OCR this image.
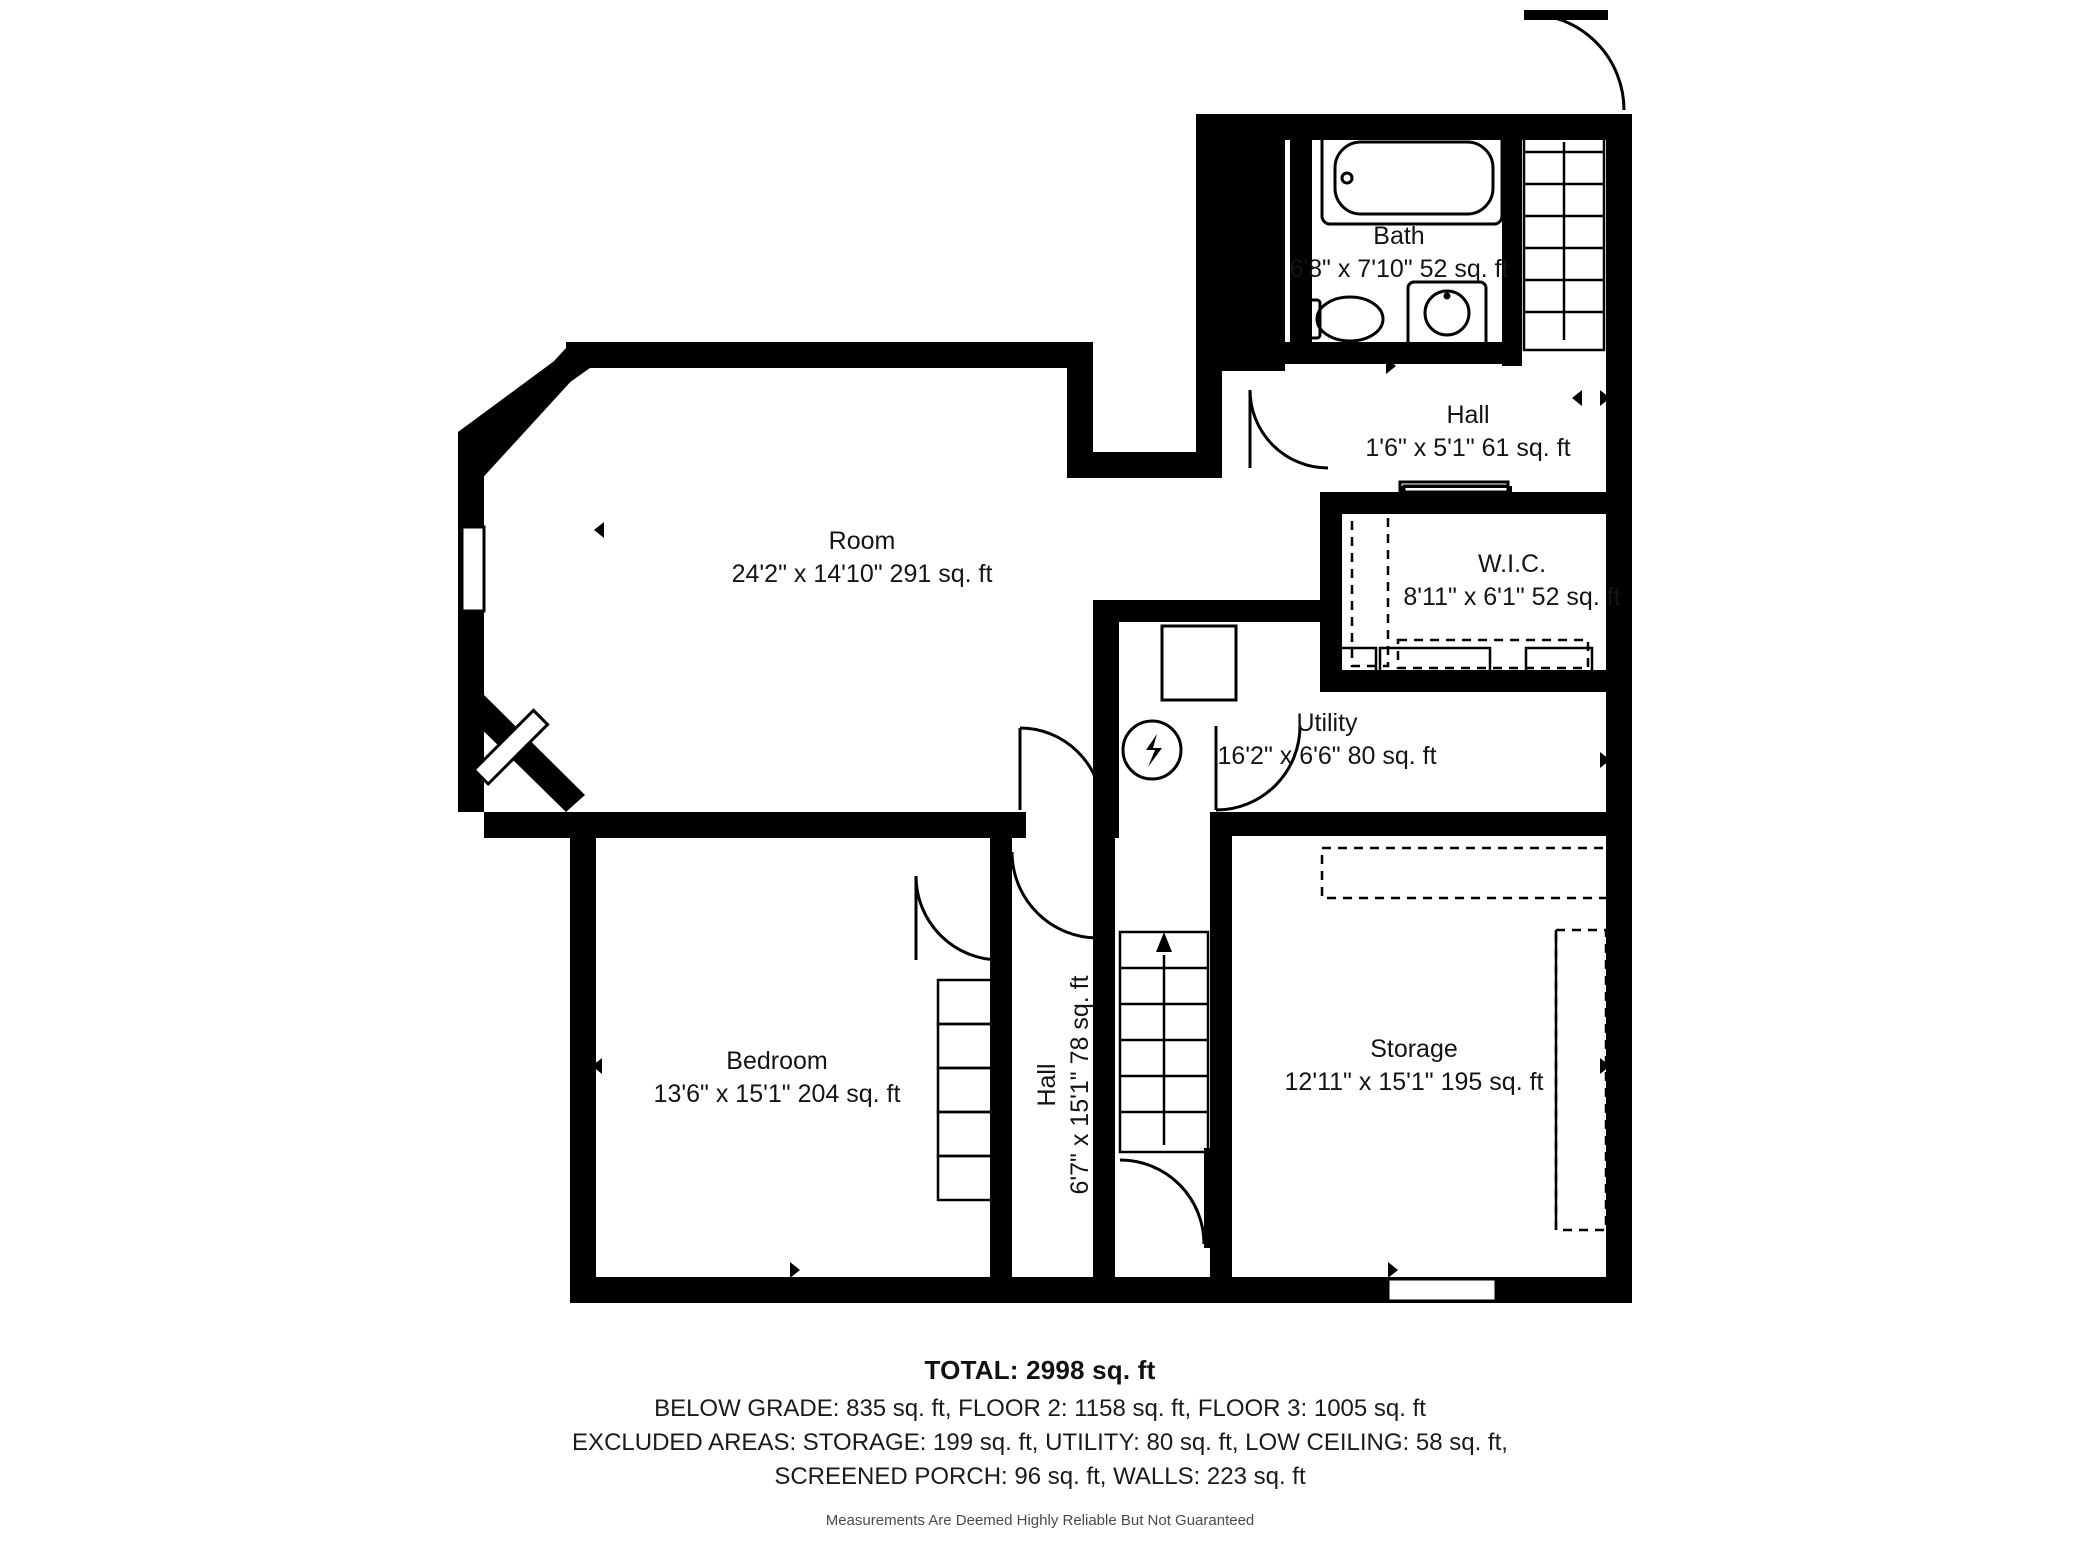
Bath
6'8" x 7'10" 52 sq. ft
Hall
1'6" x 5'1" 61 sq. ft
Room
24'2" x 14'10" 291 sq. ft	W.I.C.
8'11" x 6'1" 52 sq. ft
Utility
16'2" x 6'6" 80 sq. ft
Bedroom
13'6" x 15'1" 204 sq. ft	Hall 6'7" x 15'1" 78 sq. ft	Storage
12'11" x 15'1" 195 sq. ft
TOTAL: 2998 sq. ft
BELOW GRADE: 835 sq. ft, FLOOR 2: 1158 sq. ft, FLOOR 3: 1005 sq. ft
EXCLUDED AREAS: STORAGE: 199 sq. ft, UTILITY: 80 sq. ft, LOW CEILING: 58 sq. ft,
SCREENED PORCH: 96 sq. ft, WALLS: 223 sq. ft
Measurements Are Deemed Highly Reliable But Not Guaranteed
